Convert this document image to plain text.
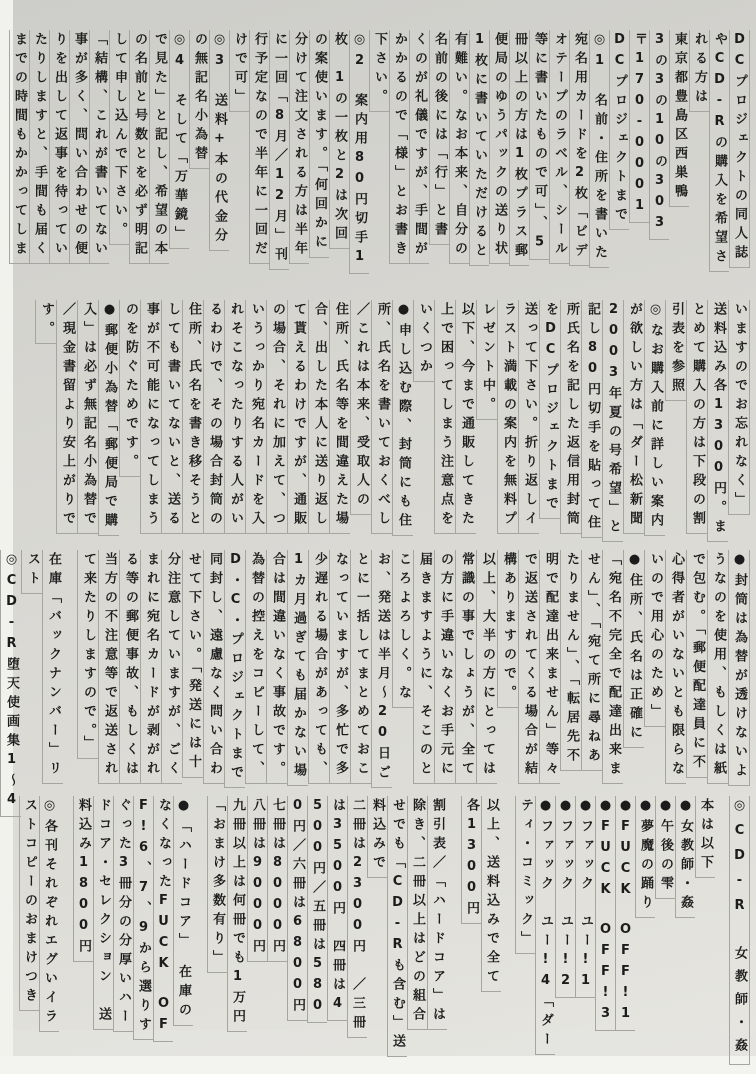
DCプロジェクトの同人誌
やCD-Rの購入を希望さ
れる方は
東京都豊島区西巣鴨
3の3の10の303
〒170-0001
DCプロジェクトまで
◎1　名前・住所を書いた
宛名用カードを2枚「ビデ
オテープのラベル、シール
等に書いたもので可」、5
冊以上の方は1枚プラス郵
便局のゆうパックの送り状
1枚に書いていただけると
有難い。なお本来、自分の
名前の後には「行」と書
くのが礼儀ですが、手間が
かかるので「様」とお書き
下さい。
◎2　案内用80円切手1
枚　1の一枚と2は次回
の案使います。「何回かに
分けて注文される方は半年
に一回「8月／12月」刊
行予定なので半年に一回だ
けで可」
◎3　送料+本の代金分
の無記名小為替
◎4　そして「万華鏡」
で見た」と記し、希望の本
の名前と号数とを必ず明記
して申し込んで下さい。
「結構、これが書いてない
事が多く、問い合わせの便
りを出して返事を待ってい
たりしますと、手間も届く
までの時間もかかってしま
いますのでお忘れなく」
送料込み各1300円。ま
とめて購入の方は下段の割
引表を参照
◎なお購入前に詳しい案内
が欲しい方は「ダー松新聞
2003年夏の号希望」と
記し80円切手を貼って住
所氏名を記した返信用封筒
をDCプロジェクトまで
送って下さい。折り返しイ
ラスト満載の案内を無料プ
レゼント中。
以下、今まで通販してきた
上で困ってしまう注意点を
いくつか
●申し込む際、封筒にも住
所、氏名を書いておくべし
／これは本来、受取人の
住所、氏名等を間違えた場
合、出した本人に送り返し
て貰えるわけですが、通販
の場合、それに加えて、つ
いうっかり宛名カードを入
れそこなったりする人がい
るわけで、その場合封筒の
住所、氏名を書き移そうと
しても書いてないと、送る
事が不可能になってしまう
のを防ぐためです。
●郵便小為替「郵便局で購
入」は必ず無記名小為替で
／現金書留より安上がりで
す。
●封筒は為替が透けないよ
うなのを使用、もしくは紙
で包む。「郵便配達員に不
心得者がいないとも限らな
いので用心のため」
●住所、氏名は正確に
「宛名不完全で配達出来ま
せん」、「宛て所に尋ねあ
たりません」、「転居先不
明で配達出来ません」等々
で返送されてくる場合が結
構ありますので。
以上、大半の方にとっては
常識の事でしょうが、全て
の方に手違いなくお手元に
届きますように、そこのと
ころよろしく。な
お、発送は半月〜20日ご
とに一括してまとめておこ
なっていますが、多忙で多
少遅れる場合があっても、
1カ月過ぎても届かない場
合は間違いなく事故です。
為替の控えをコピーして、
D・C・プロジェクトまで
同封し、遠慮なく問い合わ
せて下さい。「発送には十
分注意していますが、ごく
まれに宛名カードが剥がれ
る等の郵便事故、もしくは
当方の不注意等で返送され
て来たりしますので。」
在庫「バックナンバー」リ
スト
◎CD-R堕天使画集1〜4
◎CD-R　女教師・姦
本は以下
●女教師・姦
●午後の雫
●夢魔の踊り
●FUCK　OFF!1
●FUCK　OFF!3
●ファック　ユー!1
●ファック　ユー!2
●ファック　ユー!4「ダー
ティ・コミック」
以上、送料込みで全て
各1300円
割引表／「ハードコア」は
除き、二冊以上はどの組合
せでも「CD-Rも含む」送
料込みで
二冊は2300円　／三冊
は3500円　四冊は4
500円／五冊は580
0円／六冊は6800円
七冊は8000円
八冊は9000円
九冊以上は何冊でも1万円
「おまけ多数有り」
●「ハードコア」　在庫の
なくなったFUCK　OF
F!6、7、9から選りす
ぐった3冊分の分厚いハー
ドコア・セレクション　送
料込み1800円
◎各刊それぞれエグいイラ
ストコピーのおまけつき
